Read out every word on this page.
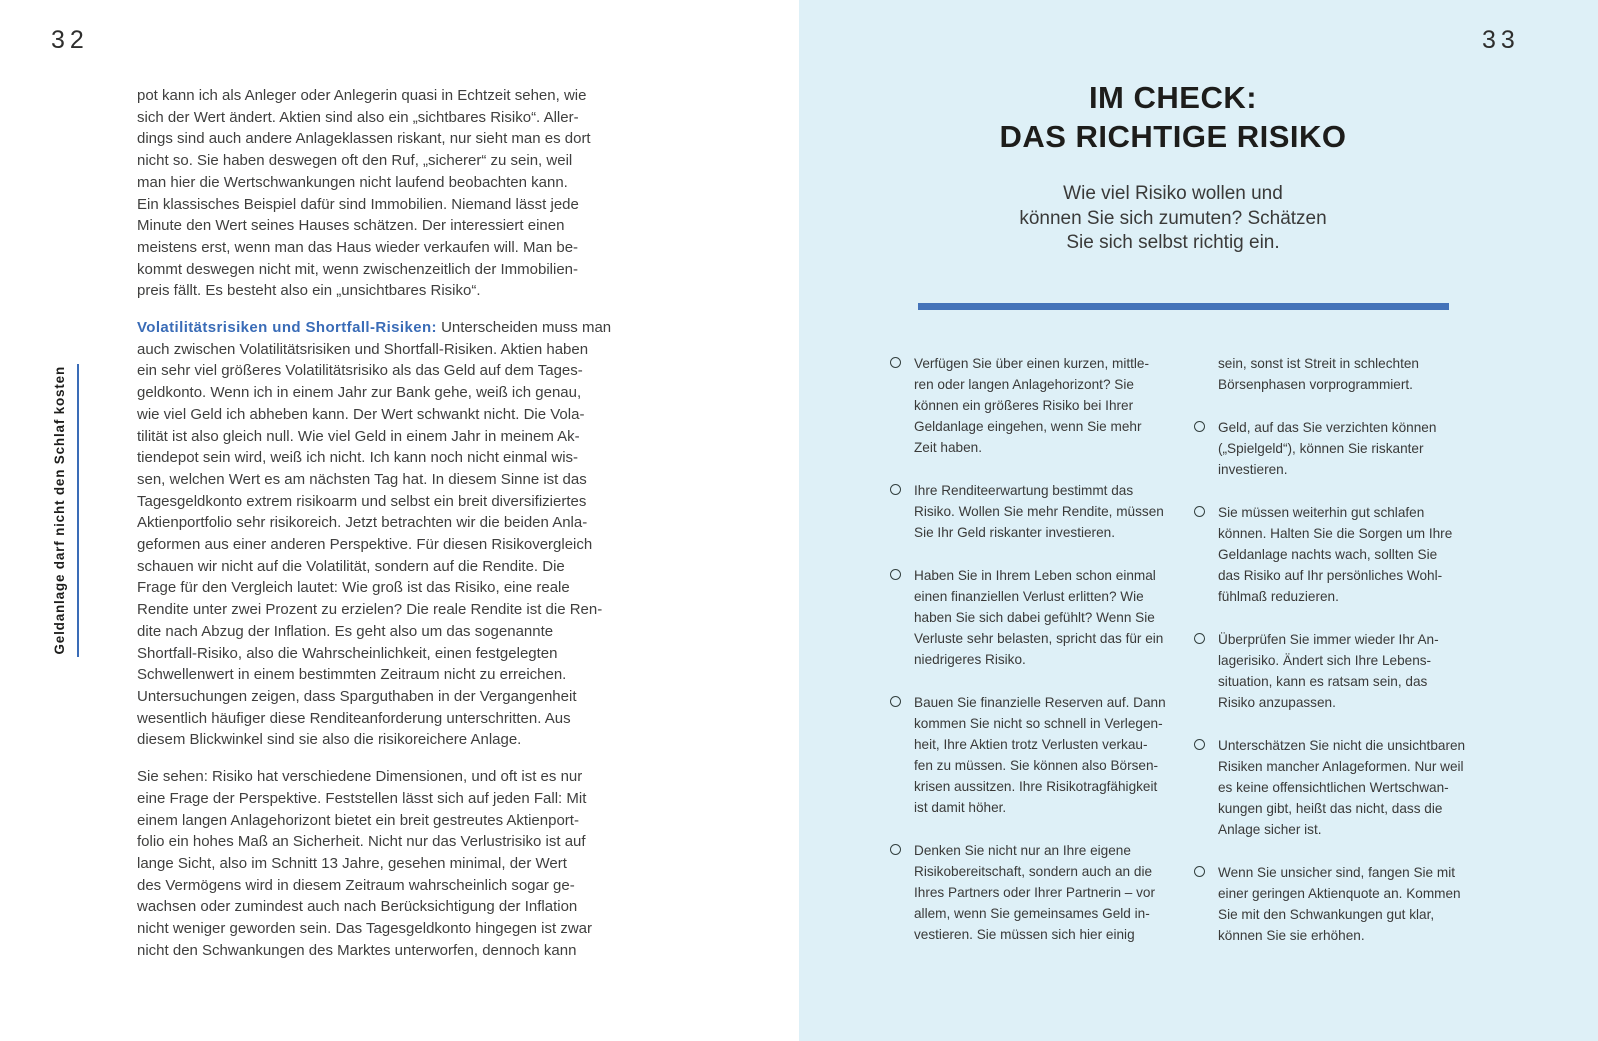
32	33
Geldanlage darf nicht den Schlaf kosten
pot kann ich als Anleger oder Anlegerin quasi in Echtzeit sehen, wie
sich der Wert ändert. Aktien sind also ein „sichtbares Risiko“. Aller-
dings sind auch andere Anlageklassen riskant, nur sieht man es dort
nicht so. Sie haben deswegen oft den Ruf, „sicherer“ zu sein, weil
man hier die Wertschwankungen nicht laufend beobachten kann.
Ein klassisches Beispiel dafür sind Immobilien. Niemand lässt jede
Minute den Wert seines Hauses schätzen. Der interessiert einen
meistens erst, wenn man das Haus wieder verkaufen will. Man be-
kommt deswegen nicht mit, wenn zwischenzeitlich der Immobilien-
preis fällt. Es besteht also ein „unsichtbares Risiko“.
Volatilitätsrisiken und Shortfall-Risiken: Unterscheiden muss man
auch zwischen Volatilitätsrisiken und Shortfall-Risiken. Aktien haben
ein sehr viel größeres Volatilitätsrisiko als das Geld auf dem Tages-
geldkonto. Wenn ich in einem Jahr zur Bank gehe, weiß ich genau,
wie viel Geld ich abheben kann. Der Wert schwankt nicht. Die Vola-
tilität ist also gleich null. Wie viel Geld in einem Jahr in meinem Ak-
tiendepot sein wird, weiß ich nicht. Ich kann noch nicht einmal wis-
sen, welchen Wert es am nächsten Tag hat. In diesem Sinne ist das
Tagesgeldkonto extrem risikoarm und selbst ein breit diversifiziertes
Aktienportfolio sehr risikoreich. Jetzt betrachten wir die beiden Anla-
geformen aus einer anderen Perspektive. Für diesen Risikovergleich
schauen wir nicht auf die Volatilität, sondern auf die Rendite. Die
Frage für den Vergleich lautet: Wie groß ist das Risiko, eine reale
Rendite unter zwei Prozent zu erzielen? Die reale Rendite ist die Ren-
dite nach Abzug der Inflation. Es geht also um das sogenannte
Shortfall-Risiko, also die Wahrscheinlichkeit, einen festgelegten
Schwellenwert in einem bestimmten Zeitraum nicht zu erreichen.
Untersuchungen zeigen, dass Sparguthaben in der Vergangenheit
wesentlich häufiger diese Renditeanforderung unterschritten. Aus
diesem Blickwinkel sind sie also die risikoreichere Anlage.
Sie sehen: Risiko hat verschiedene Dimensionen, und oft ist es nur
eine Frage der Perspektive. Feststellen lässt sich auf jeden Fall: Mit
einem langen Anlagehorizont bietet ein breit gestreutes Aktienport-
folio ein hohes Maß an Sicherheit. Nicht nur das Verlustrisiko ist auf
lange Sicht, also im Schnitt 13 Jahre, gesehen minimal, der Wert
des Vermögens wird in diesem Zeitraum wahrscheinlich sogar ge-
wachsen oder zumindest auch nach Berücksichtigung der Inflation
nicht weniger geworden sein. Das Tagesgeldkonto hingegen ist zwar
nicht den Schwankungen des Marktes unterworfen, dennoch kann
IM CHECK:
DAS RICHTIGE RISIKO
Wie viel Risiko wollen und
können Sie sich zumuten? Schätzen
Sie sich selbst richtig ein.
Verfügen Sie über einen kurzen, mittle-
ren oder langen Anlagehorizont? Sie
können ein größeres Risiko bei Ihrer
Geldanlage eingehen, wenn Sie mehr
Zeit haben.
Ihre Renditeerwartung bestimmt das
Risiko. Wollen Sie mehr Rendite, müssen
Sie Ihr Geld riskanter investieren.
Haben Sie in Ihrem Leben schon einmal
einen finanziellen Verlust erlitten? Wie
haben Sie sich dabei gefühlt? Wenn Sie
Verluste sehr belasten, spricht das für ein
niedrigeres Risiko.
Bauen Sie finanzielle Reserven auf. Dann
kommen Sie nicht so schnell in Verlegen-
heit, Ihre Aktien trotz Verlusten verkau-
fen zu müssen. Sie können also Börsen-
krisen aussitzen. Ihre Risikotragfähigkeit
ist damit höher.
Denken Sie nicht nur an Ihre eigene
Risikobereitschaft, sondern auch an die
Ihres Partners oder Ihrer Partnerin – vor
allem, wenn Sie gemeinsames Geld in-
vestieren. Sie müssen sich hier einig
sein, sonst ist Streit in schlechten
Börsenphasen vorprogrammiert.
Geld, auf das Sie verzichten können
(„Spielgeld“), können Sie riskanter
investieren.
Sie müssen weiterhin gut schlafen
können. Halten Sie die Sorgen um Ihre
Geldanlage nachts wach, sollten Sie
das Risiko auf Ihr persönliches Wohl-
fühlmaß reduzieren.
Überprüfen Sie immer wieder Ihr An-
lagerisiko. Ändert sich Ihre Lebens-
situation, kann es ratsam sein, das
Risiko anzupassen.
Unterschätzen Sie nicht die unsichtbaren
Risiken mancher Anlageformen. Nur weil
es keine offensichtlichen Wertschwan-
kungen gibt, heißt das nicht, dass die
Anlage sicher ist.
Wenn Sie unsicher sind, fangen Sie mit
einer geringen Aktienquote an. Kommen
Sie mit den Schwankungen gut klar,
können Sie sie erhöhen.
